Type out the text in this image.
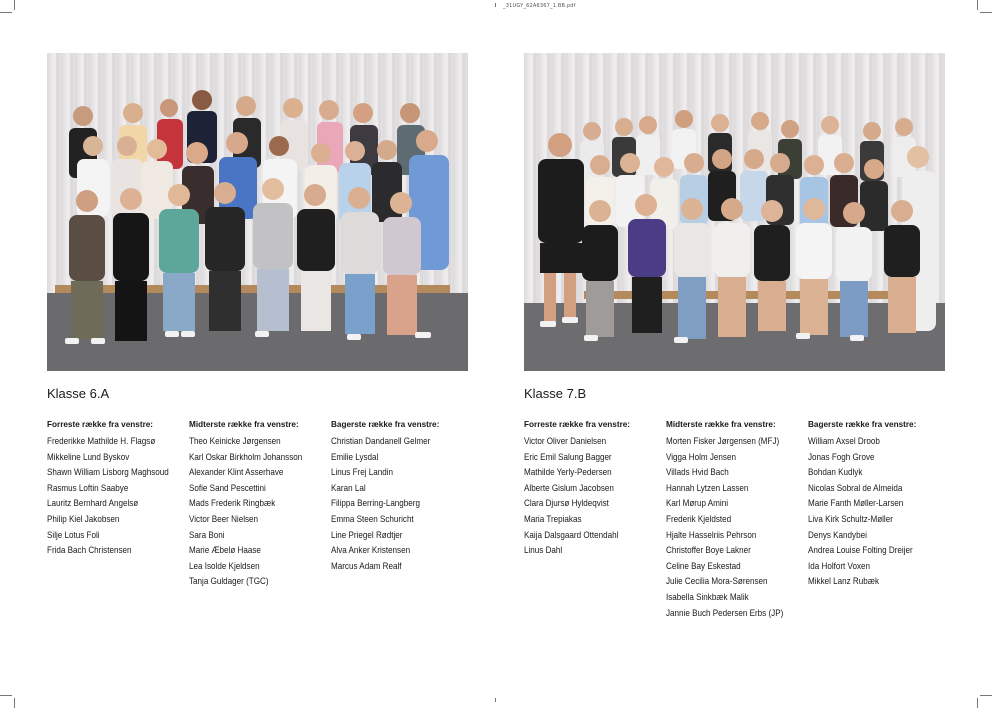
_31UGY_62A6367_1.BB.pdf
Klasse 6.A
Forreste række fra venstre:
Frederikke Mathilde H. Flagsø
Mikkeline Lund Byskov
Shawn William Lisborg Maghsoud
Rasmus Loftin Saabye
Lauritz Bernhard Angelsø
Philip Kiel Jakobsen
Silje Lotus Foli
Frida Bach Christensen
Midterste række fra venstre:
Theo Keinicke Jørgensen
Karl Oskar Birkholm Johansson
Alexander Klint Asserhave
Sofie Sand Pescettini
Mads Frederik Ringbæk
Victor Beer Nielsen
Sara Boni
Marie Æbelø Haase
Lea Isolde Kjeldsen
Tanja Guldager (TGC)
Bagerste række fra venstre:
Christian Dandanell Gelmer
Emilie Lysdal
Linus Frej Landin
Karan Lal
Filippa Berring-Langberg
Emma Steen Schuricht
Line Priegel Rødtjer
Alva Anker Kristensen
Marcus Adam Realf
Klasse 7.B
Forreste række fra venstre:
Victor Oliver Danielsen
Eric Emil Salung Bagger
Mathilde Yerly-Pedersen
Alberte Gislum Jacobsen
Clara Djursø Hyldeqvist
Maria Trepiakas
Kaija Dalsgaard Ottendahl
Linus Dahl
Midterste række fra venstre:
Morten Fisker Jørgensen (MFJ)
Vigga Holm Jensen
Villads Hvid Bach
Hannah Lytzen Lassen
Karl Mørup Amini
Frederik Kjeldsted
Hjalte Hasselriis Pehrson
Christoffer Boye Lakner
Celine Bay Eskestad
Julie Cecilia Mora-Sørensen
Isabella Sinkbæk Malik
Jannie Buch Pedersen Erbs (JP)
Bagerste række fra venstre:
William Axsel Droob
Jonas Fogh Grove
Bohdan Kudlyk
Nicolas Sobral de Almeida
Marie Fanth Møller-Larsen
Liva Kirk Schultz-Møller
Denys Kandybei
Andrea Louise Folting Dreijer
Ida Holfort Voxen
Mikkel Lanz Rubæk
